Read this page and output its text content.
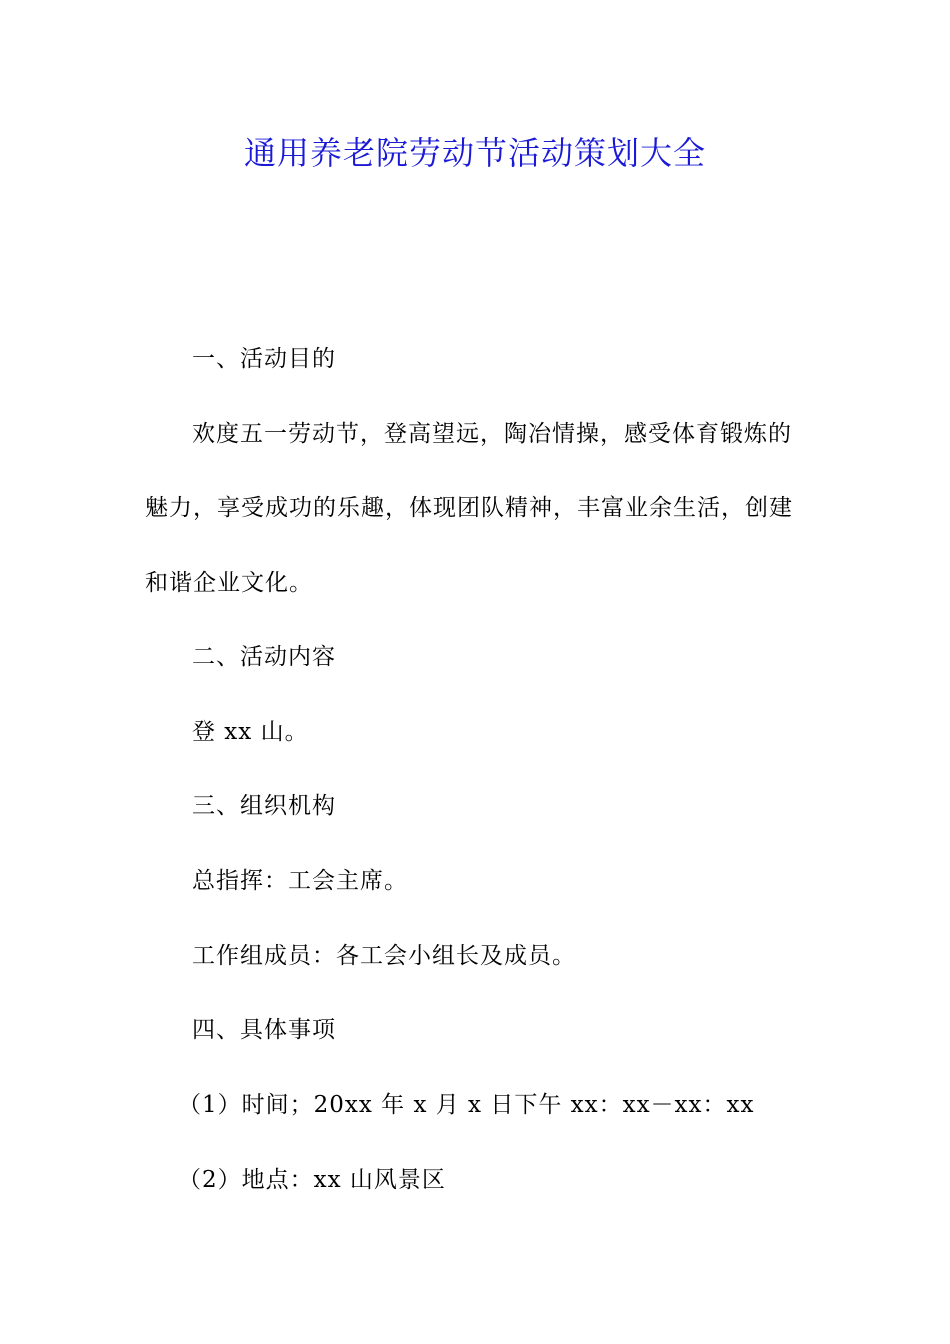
通用养老院劳动节活动策划大全
一、活动目的
欢度五一劳动节，登高望远，陶冶情操，感受体育锻炼的
魅力，享受成功的乐趣，体现团队精神，丰富业余生活，创建
和谐企业文化。
二、活动内容
登 xx 山。
三、组织机构
总指挥：工会主席。
工作组成员：各工会小组长及成员。
四、具体事项
（1）时间；20xx 年 x 月 x 日下午 xx：xx－xx：xx
（2）地点：xx 山风景区
